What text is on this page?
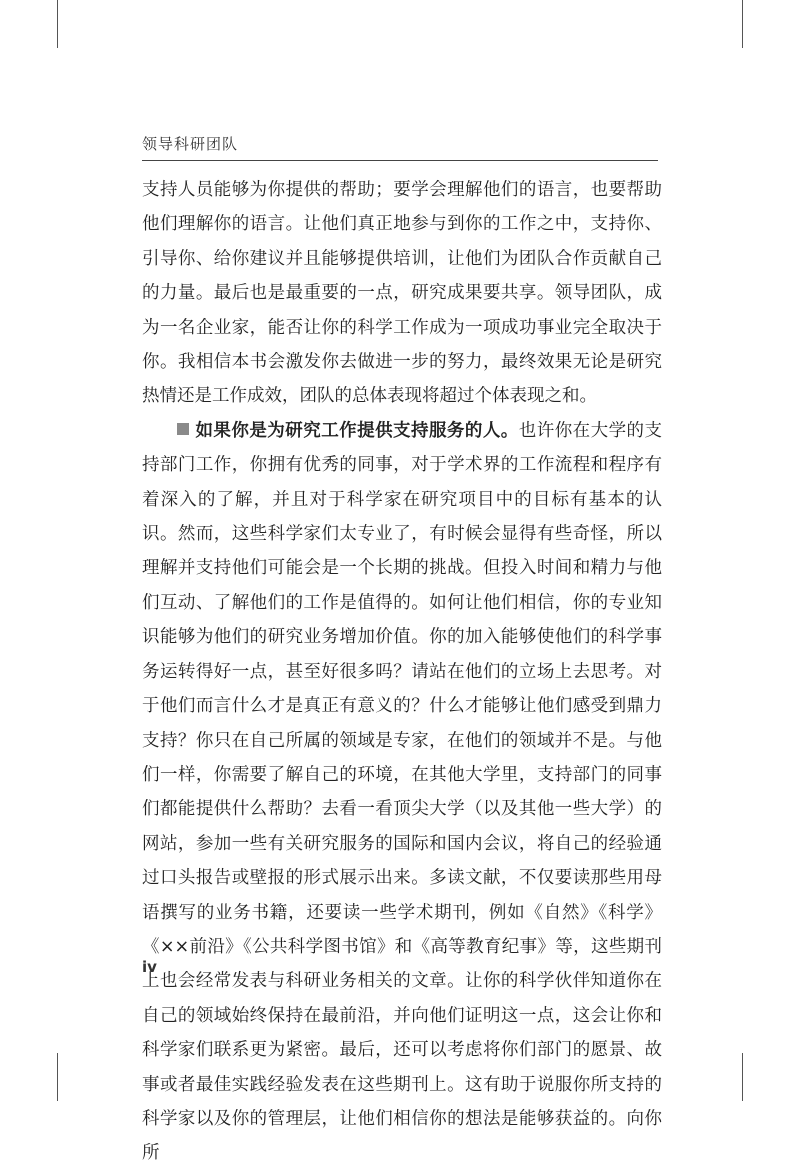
领导科研团队

支持人员能够为你提供的帮助；要学会理解他们的语言，也要帮助他们理解你的语言。让他们真正地参与到你的工作之中，支持你、引导你、给你建议并且能够提供培训，让他们为团队合作贡献自己的力量。最后也是最重要的一点，研究成果要共享。领导团队，成为一名企业家，能否让你的科学工作成为一项成功事业完全取决于你。我相信本书会激发你去做进一步的努力，最终效果无论是研究热情还是工作成效，团队的总体表现将超过个体表现之和。

如果你是为研究工作提供支持服务的人。也许你在大学的支持部门工作，你拥有优秀的同事，对于学术界的工作流程和程序有着深入的了解，并且对于科学家在研究项目中的目标有基本的认识。然而，这些科学家们太专业了，有时候会显得有些奇怪，所以理解并支持他们可能会是一个长期的挑战。但投入时间和精力与他们互动、了解他们的工作是值得的。如何让他们相信，你的专业知识能够为他们的研究业务增加价值。你的加入能够使他们的科学事务运转得好一点，甚至好很多吗？请站在他们的立场上去思考。对于他们而言什么才是真正有意义的？什么才能够让他们感受到鼎力支持？你只在自己所属的领域是专家，在他们的领域并不是。与他们一样，你需要了解自己的环境，在其他大学里，支持部门的同事们都能提供什么帮助？去看一看顶尖大学（以及其他一些大学）的网站，参加一些有关研究服务的国际和国内会议，将自己的经验通过口头报告或壁报的形式展示出来。多读文献，不仅要读那些用母语撰写的业务书籍，还要读一些学术期刊，例如《自然》《科学》《××前沿》《公共科学图书馆》和《高等教育纪事》等，这些期刊上也会经常发表与科研业务相关的文章。让你的科学伙伴知道你在自己的领域始终保持在最前沿，并向他们证明这一点，这会让你和科学家们联系更为紧密。最后，还可以考虑将你们部门的愿景、故事或者最佳实践经验发表在这些期刊上。这有助于说服你所支持的科学家以及你的管理层，让他们相信你的想法是能够获益的。向你所

iv
